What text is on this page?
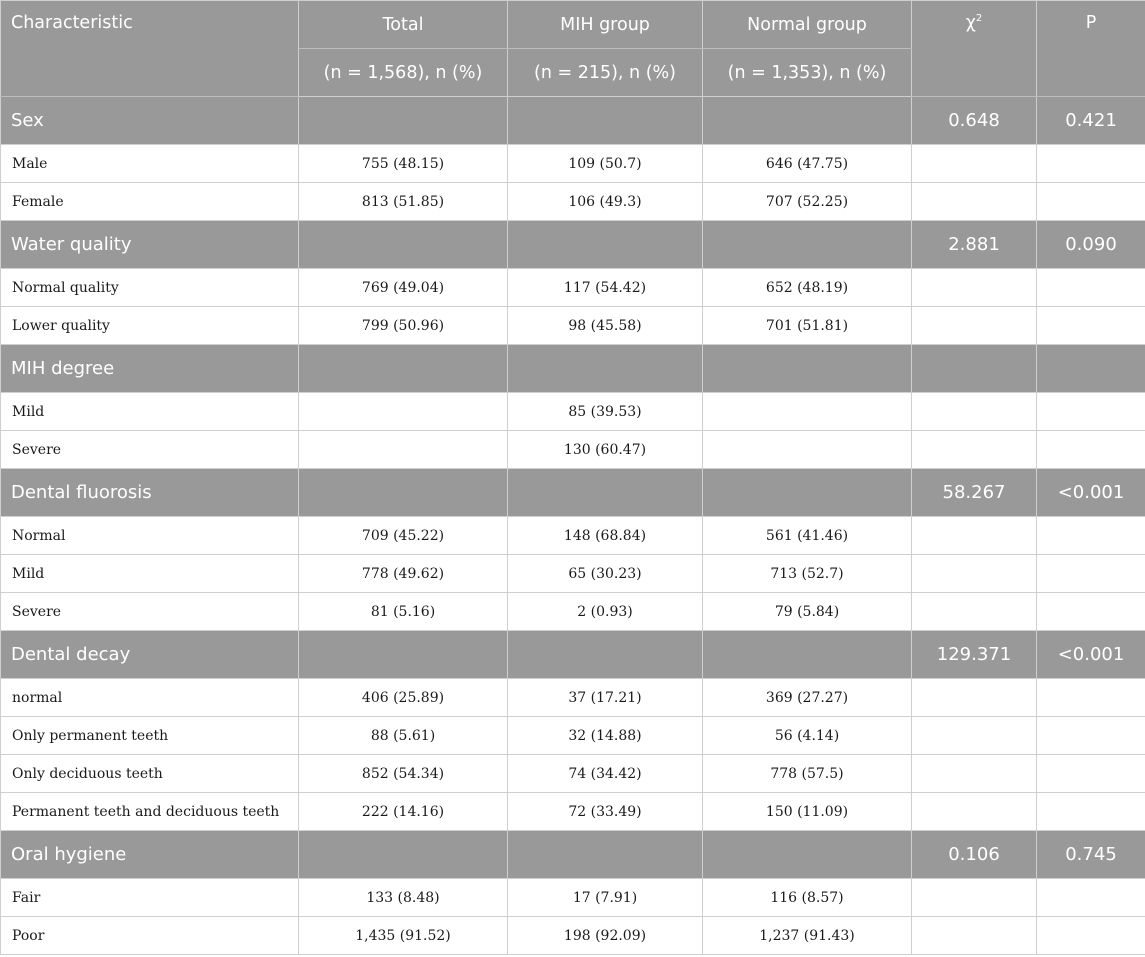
Characteristic	Total	MIH group	Normal group	$\chi^2$	P
	(n = 1,568), n (%)	(n = 215), n (%)	(n = 1,353), n (%)		
Sex				0.648	0.421
Male	755 (48.15)	109 (50.7)	646 (47.75)		
Female	813 (51.85)	106 (49.3)	707 (52.25)		
Water quality				2.881	0.090
Normal quality	769 (49.04)	117 (54.42)	652 (48.19)		
Lower quality	799 (50.96)	98 (45.58)	701 (51.81)		
MIH degree					
Mild		85 (39.53)			
Severe		130 (60.47)			
Dental fluorosis				58.267	<0.001
Normal	709 (45.22)	148 (68.84)	561 (41.46)		
Mild	778 (49.62)	65 (30.23)	713 (52.7)		
Severe	81 (5.16)	2 (0.93)	79 (5.84)		
Dental decay				129.371	<0.001
normal	406 (25.89)	37 (17.21)	369 (27.27)		
Only permanent teeth	88 (5.61)	32 (14.88)	56 (4.14)		
Only deciduous teeth	852 (54.34)	74 (34.42)	778 (57.5)		
Permanent teeth and deciduous teeth	222 (14.16)	72 (33.49)	150 (11.09)		
Oral hygiene				0.106	0.745
Fair	133 (8.48)	17 (7.91)	116 (8.57)		
Poor	1,435 (91.52)	198 (92.09)	1,237 (91.43)		
